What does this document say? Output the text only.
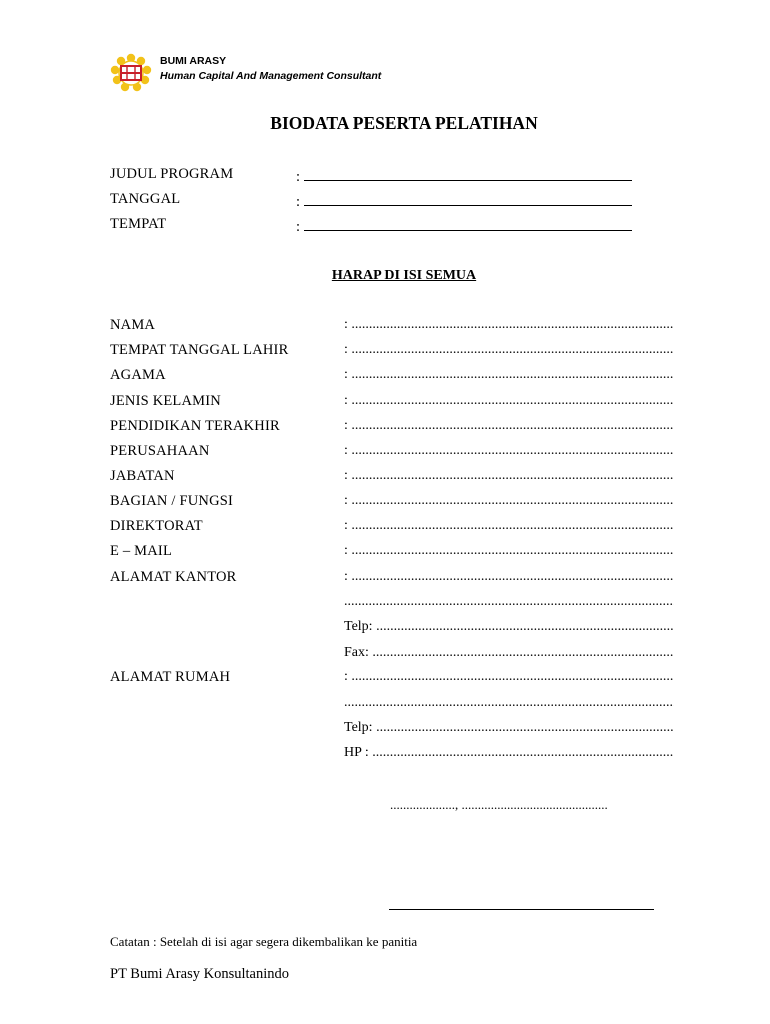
BUMI ARASY
Human Capital And Management Consultant
BIODATA PESERTA PELATIHAN
JUDUL PROGRAM	:
TANGGAL	:
TEMPAT	:
HARAP DI ISI SEMUA
NAMA	: .....
TEMPAT TANGGAL LAHIR	: .....
AGAMA	: .....
JENIS KELAMIN	: .....
PENDIDIKAN TERAKHIR	: .....
PERUSAHAAN	: .....
JABATAN	: .....
BAGIAN / FUNGSI	: .....
DIREKTORAT	: .....
E – MAIL	: .....
ALAMAT KANTOR	: .....
.....
Telp: .....
Fax: .....
ALAMAT RUMAH	: .....
.....
Telp: .....
HP : .....
...................., .............................................
Catatan : Setelah di isi agar segera dikembalikan ke panitia
PT Bumi Arasy Konsultanindo
